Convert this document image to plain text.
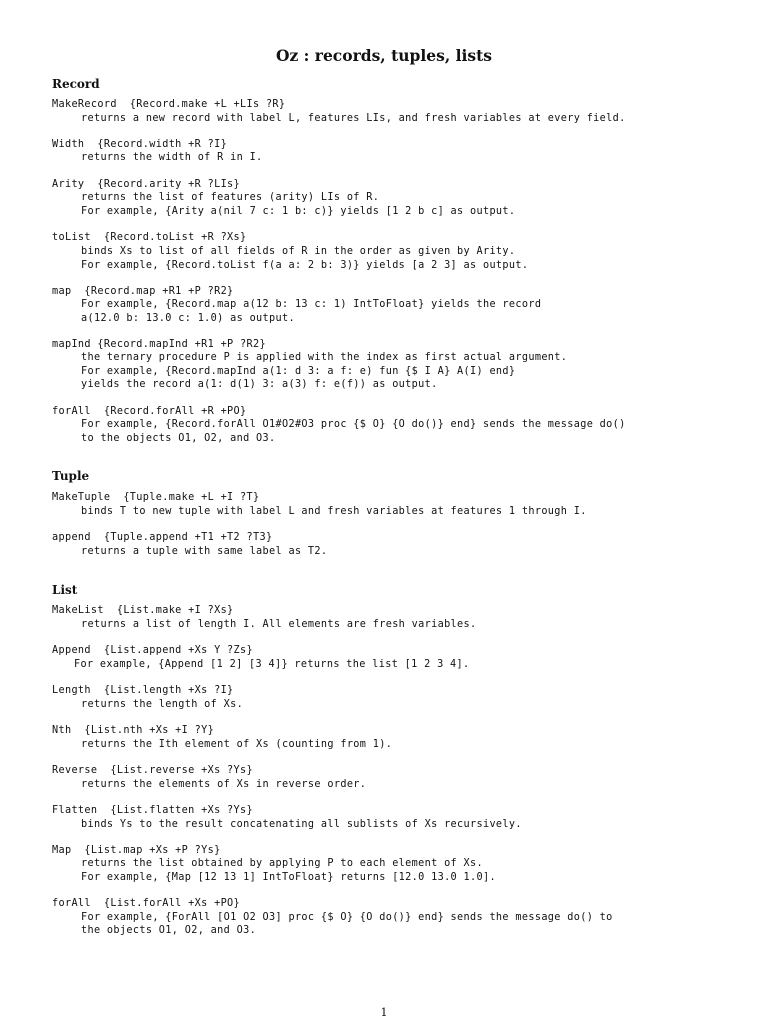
Oz : records, tuples, lists
Record
MakeRecord  {Record.make +L +LIs ?R}
returns a new record with label L, features LIs, and fresh variables at every field.
Width  {Record.width +R ?I}
returns the width of R in I.
Arity  {Record.arity +R ?LIs}
returns the list of features (arity) LIs of R.
For example, {Arity a(nil 7 c: 1 b: c)} yields [1 2 b c] as output.
toList  {Record.toList +R ?Xs}
binds Xs to list of all fields of R in the order as given by Arity.
For example, {Record.toList f(a a: 2 b: 3)} yields [a 2 3] as output.
map  {Record.map +R1 +P ?R2}
For example, {Record.map a(12 b: 13 c: 1) IntToFloat} yields the record
a(12.0 b: 13.0 c: 1.0) as output.
mapInd {Record.mapInd +R1 +P ?R2}
the ternary procedure P is applied with the index as first actual argument.
For example, {Record.mapInd a(1: d 3: a f: e) fun {$ I A} A(I) end}
yields the record a(1: d(1) 3: a(3) f: e(f)) as output.
forAll  {Record.forAll +R +PO}
For example, {Record.forAll O1#O2#O3 proc {$ O} {O do()} end} sends the message do()
to the objects O1, O2, and O3.
Tuple
MakeTuple  {Tuple.make +L +I ?T}
binds T to new tuple with label L and fresh variables at features 1 through I.
append  {Tuple.append +T1 +T2 ?T3}
returns a tuple with same label as T2.
List
MakeList  {List.make +I ?Xs}
returns a list of length I. All elements are fresh variables.
Append  {List.append +Xs Y ?Zs}
For example, {Append [1 2] [3 4]} returns the list [1 2 3 4].
Length  {List.length +Xs ?I}
returns the length of Xs.
Nth  {List.nth +Xs +I ?Y}
returns the Ith element of Xs (counting from 1).
Reverse  {List.reverse +Xs ?Ys}
returns the elements of Xs in reverse order.
Flatten  {List.flatten +Xs ?Ys}
binds Ys to the result concatenating all sublists of Xs recursively.
Map  {List.map +Xs +P ?Ys}
returns the list obtained by applying P to each element of Xs.
For example, {Map [12 13 1] IntToFloat} returns [12.0 13.0 1.0].
forAll  {List.forAll +Xs +PO}
For example, {ForAll [O1 O2 O3] proc {$ O} {O do()} end} sends the message do() to
the objects O1, O2, and O3.
1
